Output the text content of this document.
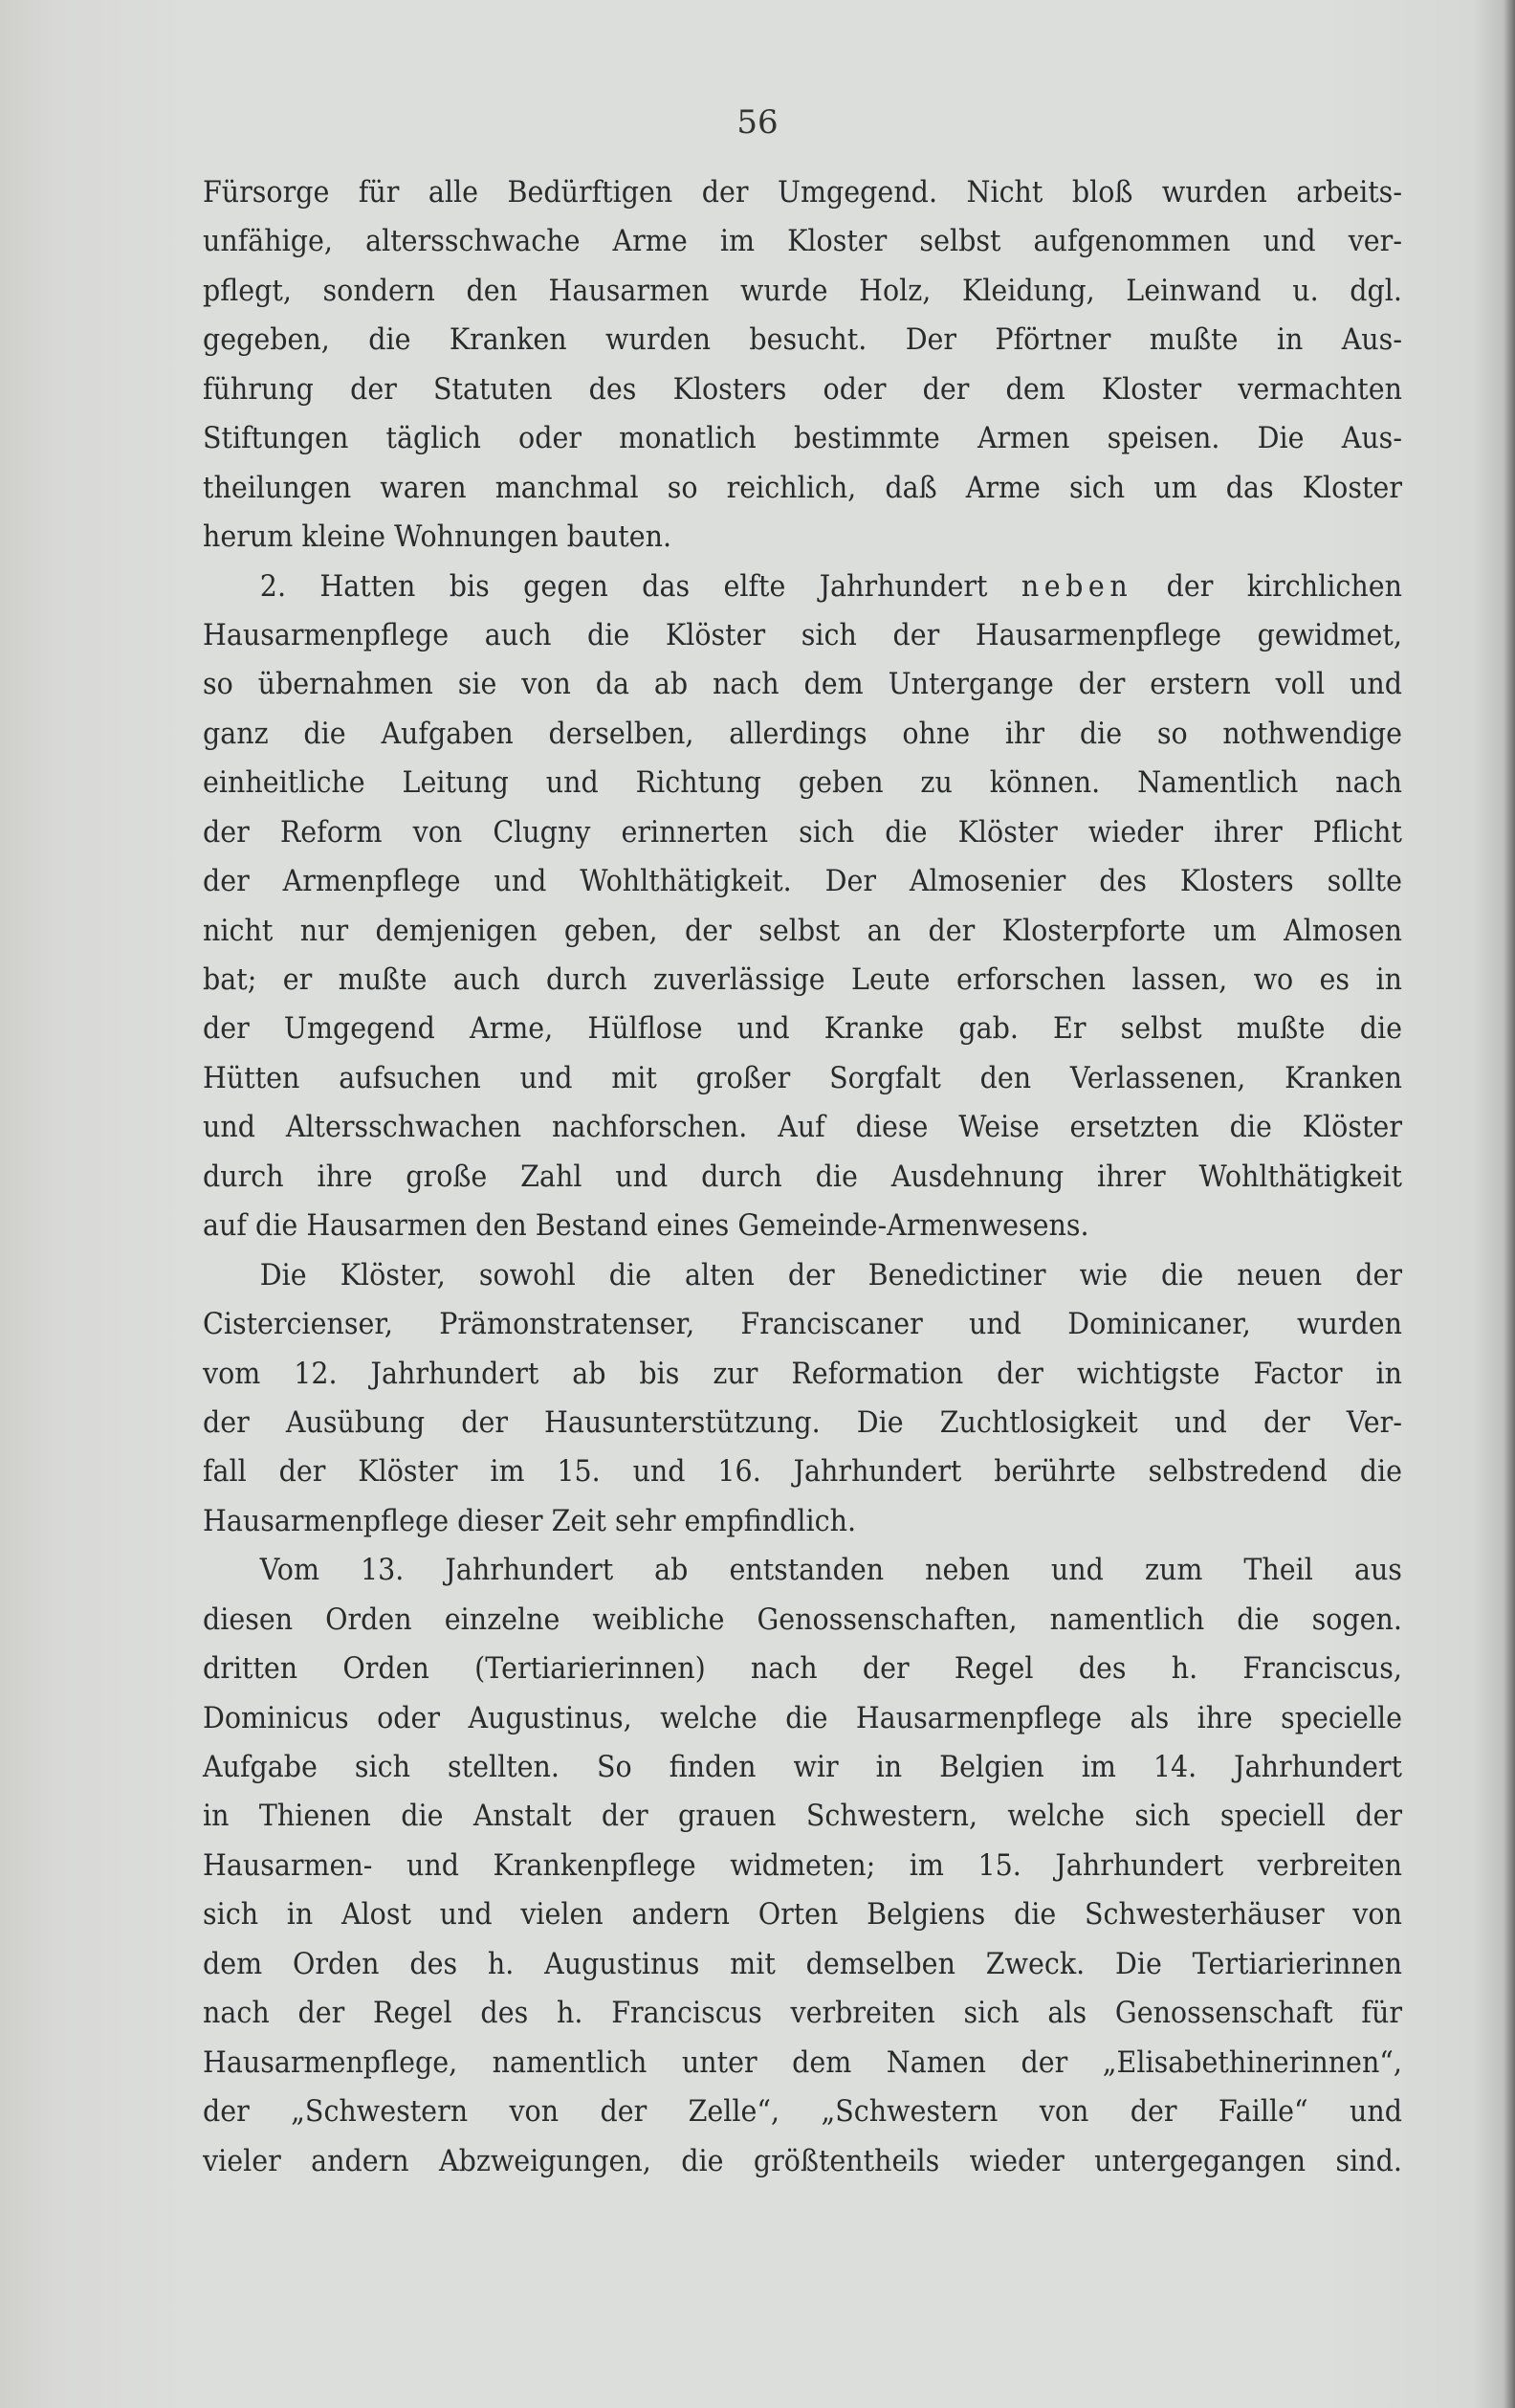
56
Fürsorge für alle Bedürftigen der Umgegend. Nicht bloß wurden arbeits-
unfähige, altersschwache Arme im Kloster selbst aufgenommen und ver-
pflegt, sondern den Hausarmen wurde Holz, Kleidung, Leinwand u. dgl.
gegeben, die Kranken wurden besucht. Der Pförtner mußte in Aus-
führung der Statuten des Klosters oder der dem Kloster vermachten
Stiftungen täglich oder monatlich bestimmte Armen speisen. Die Aus-
theilungen waren manchmal so reichlich, daß Arme sich um das Kloster
herum kleine Wohnungen bauten.
2. Hatten bis gegen das elfte Jahrhundert neben der kirchlichen
Hausarmenpflege auch die Klöster sich der Hausarmenpflege gewidmet,
so übernahmen sie von da ab nach dem Untergange der erstern voll und
ganz die Aufgaben derselben, allerdings ohne ihr die so nothwendige
einheitliche Leitung und Richtung geben zu können. Namentlich nach
der Reform von Clugny erinnerten sich die Klöster wieder ihrer Pflicht
der Armenpflege und Wohlthätigkeit. Der Almosenier des Klosters sollte
nicht nur demjenigen geben, der selbst an der Klosterpforte um Almosen
bat; er mußte auch durch zuverlässige Leute erforschen lassen, wo es in
der Umgegend Arme, Hülflose und Kranke gab. Er selbst mußte die
Hütten aufsuchen und mit großer Sorgfalt den Verlassenen, Kranken
und Altersschwachen nachforschen. Auf diese Weise ersetzten die Klöster
durch ihre große Zahl und durch die Ausdehnung ihrer Wohlthätigkeit
auf die Hausarmen den Bestand eines Gemeinde-Armenwesens.
Die Klöster, sowohl die alten der Benedictiner wie die neuen der
Cistercienser, Prämonstratenser, Franciscaner und Dominicaner, wurden
vom 12. Jahrhundert ab bis zur Reformation der wichtigste Factor in
der Ausübung der Hausunterstützung. Die Zuchtlosigkeit und der Ver-
fall der Klöster im 15. und 16. Jahrhundert berührte selbstredend die
Hausarmenpflege dieser Zeit sehr empfindlich.
Vom 13. Jahrhundert ab entstanden neben und zum Theil aus
diesen Orden einzelne weibliche Genossenschaften, namentlich die sogen.
dritten Orden (Tertiarierinnen) nach der Regel des h. Franciscus,
Dominicus oder Augustinus, welche die Hausarmenpflege als ihre specielle
Aufgabe sich stellten. So finden wir in Belgien im 14. Jahrhundert
in Thienen die Anstalt der grauen Schwestern, welche sich speciell der
Hausarmen- und Krankenpflege widmeten; im 15. Jahrhundert verbreiten
sich in Alost und vielen andern Orten Belgiens die Schwesterhäuser von
dem Orden des h. Augustinus mit demselben Zweck. Die Tertiarierinnen
nach der Regel des h. Franciscus verbreiten sich als Genossenschaft für
Hausarmenpflege, namentlich unter dem Namen der „Elisabethinerinnen“,
der „Schwestern von der Zelle“, „Schwestern von der Faille“ und
vieler andern Abzweigungen, die größtentheils wieder untergegangen sind.
